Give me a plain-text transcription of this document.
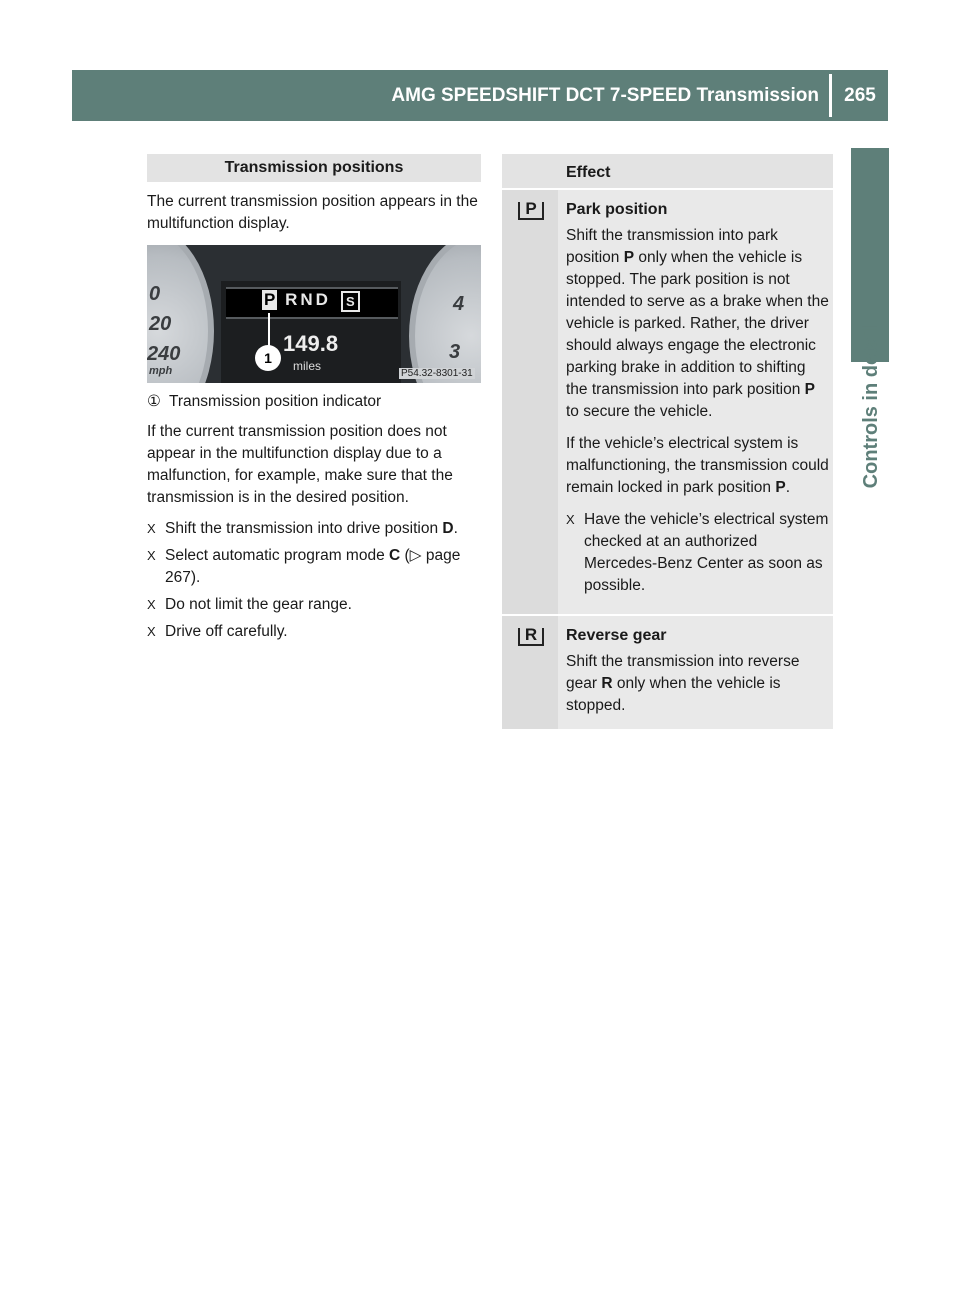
AMG SPEEDSHIFT DCT 7-SPEED Transmission	265
Controls in detail
Transmission positions

The current transmission position appears in the multifunction display.

0
20
240
mph
4
3
P RND	S
149.8
miles
1
P54.32-8301-31
① Transmission position indicator

If the current transmission position does not appear in the multifunction display due to a malfunction, for example, make sure that the transmission is in the desired position.

X Shift the transmission into drive position D.
X Select automatic program mode C (▷ page 267).
X Do not limit the gear range.
X Drive off carefully.
Effect
P	Park position

Shift the transmission into park position P only when the vehicle is stopped. The park position is not intended to serve as a brake when the vehicle is parked. Rather, the driver should always engage the electronic parking brake in addition to shifting the transmission into park position P to secure the vehicle.

If the vehicle’s electrical system is malfunctioning, the transmission could remain locked in park position P.

X Have the vehicle’s electrical system checked at an authorized Mercedes-Benz Center as soon as possible.
R	Reverse gear

Shift the transmission into reverse gear R only when the vehicle is stopped.
